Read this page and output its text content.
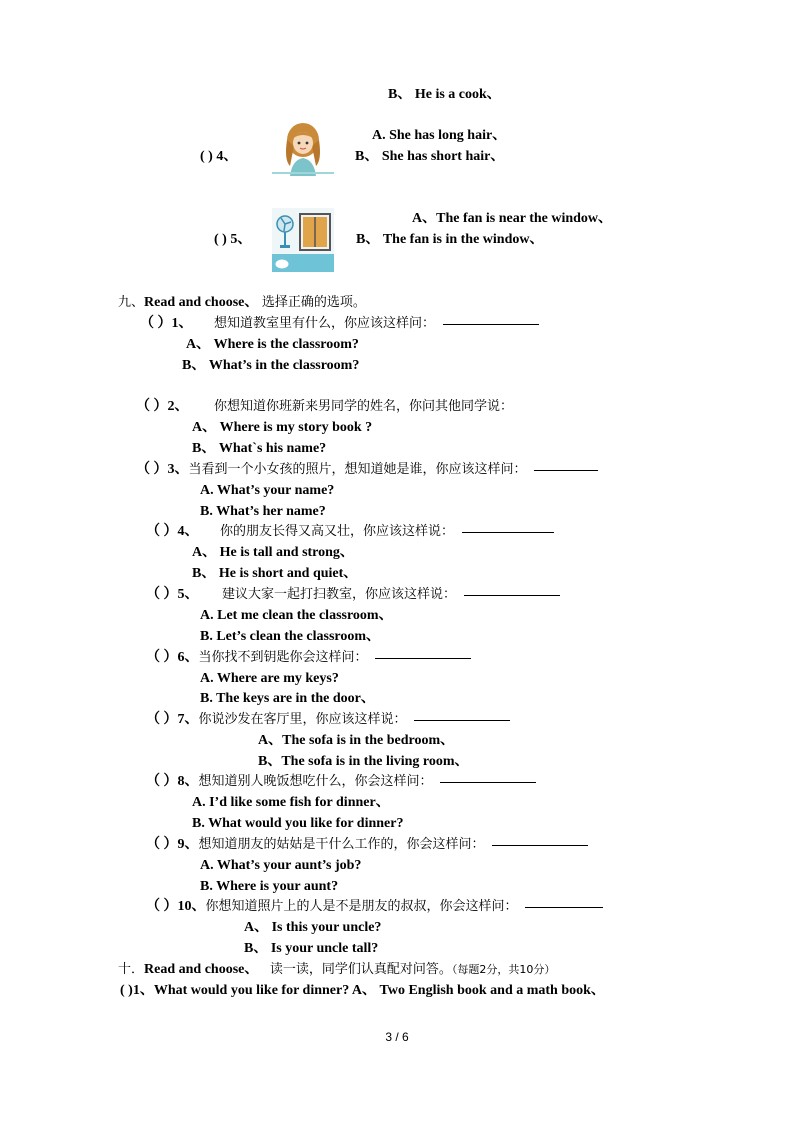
B、 He is a cook、
A. She has long hair、
( ) 4、	B、 She has short hair、
A、The fan is near the window、
( ) 5、	B、 The fan is in the window、
九、Read and choose、 选择正确的选项。
（ ）1、 想知道教室里有什么，你应该这样问：
A、 Where is the classroom?
B、 What’s in the classroom?
（ ）2、 你想知道你班新来男同学的姓名，你问其他同学说：
A、 Where is my story book ?
B、 What`s his name?
（ ）3、当看到一个小女孩的照片，想知道她是谁，你应该这样问：
A. What’s your name?
B. What’s her name?
（ ）4、 你的朋友长得又高又壮，你应该这样说：
A、 He is tall and strong、
B、 He is short and quiet、
（ ）5、 建议大家一起打扫教室，你应该这样说：
A. Let me clean the classroom、
B. Let’s clean the classroom、
（ ）6、当你找不到钥匙你会这样问：
A. Where are my keys?
B. The keys are in the door、
（ ）7、你说沙发在客厅里，你应该这样说：
A、The sofa is in the bedroom、
B、The sofa is in the living room、
（ ）8、想知道别人晚饭想吃什么，你会这样问：
A. I’d like some fish for dinner、
B. What would you like for dinner?
（ ）9、想知道朋友的姑姑是干什么工作的，你会这样问：
A. What’s your aunt’s job?
B. Where is your aunt?
（ ）10、你想知道照片上的人是不是朋友的叔叔，你会这样问：
A、 Is this your uncle?
B、 Is your uncle tall?
十．Read and choose、 读一读，同学们认真配对问答。（每题2分，共10分）
( )1、What would you like for dinner? A、 Two English book and a math book、
3 / 6
